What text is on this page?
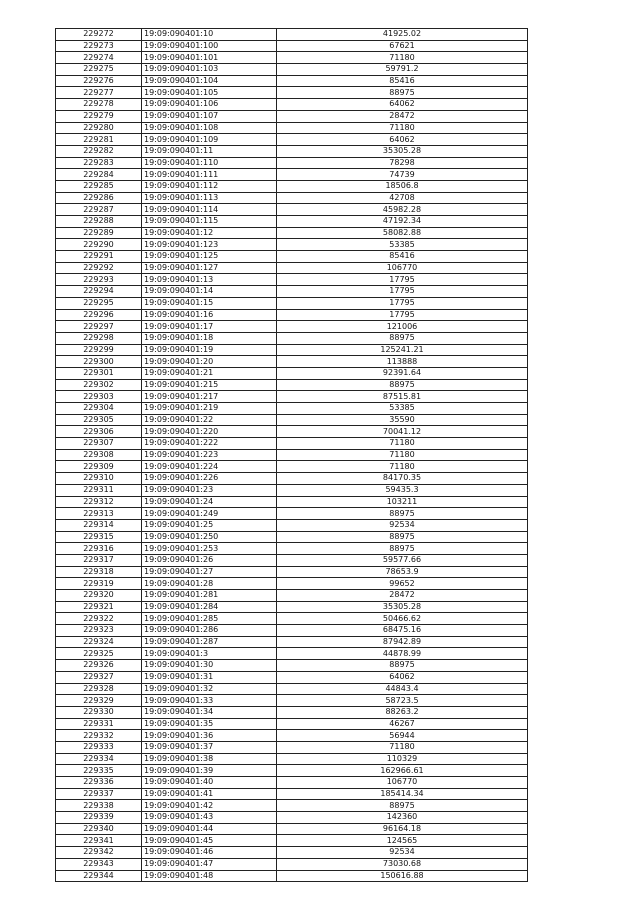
229272	19:09:090401:10	41925.02
229273	19:09:090401:100	67621
229274	19:09:090401:101	71180
229275	19:09:090401:103	59791.2
229276	19:09:090401:104	85416
229277	19:09:090401:105	88975
229278	19:09:090401:106	64062
229279	19:09:090401:107	28472
229280	19:09:090401:108	71180
229281	19:09:090401:109	64062
229282	19:09:090401:11	35305.28
229283	19:09:090401:110	78298
229284	19:09:090401:111	74739
229285	19:09:090401:112	18506.8
229286	19:09:090401:113	42708
229287	19:09:090401:114	45982.28
229288	19:09:090401:115	47192.34
229289	19:09:090401:12	58082.88
229290	19:09:090401:123	53385
229291	19:09:090401:125	85416
229292	19:09:090401:127	106770
229293	19:09:090401:13	17795
229294	19:09:090401:14	17795
229295	19:09:090401:15	17795
229296	19:09:090401:16	17795
229297	19:09:090401:17	121006
229298	19:09:090401:18	88975
229299	19:09:090401:19	125241.21
229300	19:09:090401:20	113888
229301	19:09:090401:21	92391.64
229302	19:09:090401:215	88975
229303	19:09:090401:217	87515.81
229304	19:09:090401:219	53385
229305	19:09:090401:22	35590
229306	19:09:090401:220	70041.12
229307	19:09:090401:222	71180
229308	19:09:090401:223	71180
229309	19:09:090401:224	71180
229310	19:09:090401:226	84170.35
229311	19:09:090401:23	59435.3
229312	19:09:090401:24	103211
229313	19:09:090401:249	88975
229314	19:09:090401:25	92534
229315	19:09:090401:250	88975
229316	19:09:090401:253	88975
229317	19:09:090401:26	59577.66
229318	19:09:090401:27	78653.9
229319	19:09:090401:28	99652
229320	19:09:090401:281	28472
229321	19:09:090401:284	35305.28
229322	19:09:090401:285	50466.62
229323	19:09:090401:286	68475.16
229324	19:09:090401:287	87942.89
229325	19:09:090401:3	44878.99
229326	19:09:090401:30	88975
229327	19:09:090401:31	64062
229328	19:09:090401:32	44843.4
229329	19:09:090401:33	58723.5
229330	19:09:090401:34	88263.2
229331	19:09:090401:35	46267
229332	19:09:090401:36	56944
229333	19:09:090401:37	71180
229334	19:09:090401:38	110329
229335	19:09:090401:39	162966.61
229336	19:09:090401:40	106770
229337	19:09:090401:41	185414.34
229338	19:09:090401:42	88975
229339	19:09:090401:43	142360
229340	19:09:090401:44	96164.18
229341	19:09:090401:45	124565
229342	19:09:090401:46	92534
229343	19:09:090401:47	73030.68
229344	19:09:090401:48	150616.88
